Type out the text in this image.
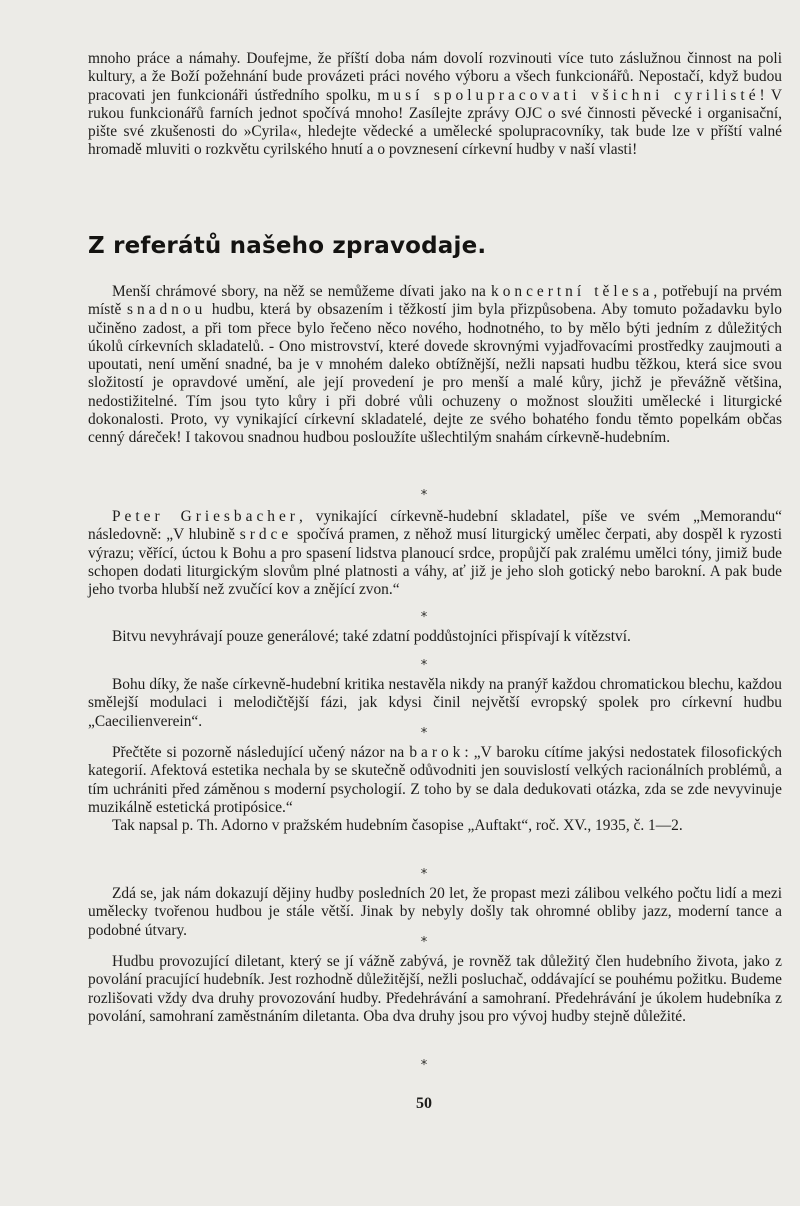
mnoho práce a námahy. Doufejme, že příští doba nám dovolí rozvinouti více tuto záslužnou činnost na poli kultury, a že Boží požehnání bude provázeti práci nového výboru a všech funkcionářů. Nepostačí, když budou pracovati jen funkcionáři ústředního spolku, musí spolupracovati všichni cyrilisté! V rukou funkcionářů farních jednot spočívá mnoho! Zasílejte zprávy OJC o své činnosti pěvecké i organisační, pište své zkušenosti do »Cyrila«, hledejte vědecké a umělecké spolupracovníky, tak bude lze v příští valné hromadě mluviti o rozkvětu cyrilského hnutí a o povznesení církevní hudby v naší vlasti!

Z referátů našeho zpravodaje.

Menší chrámové sbory, na něž se nemůžeme dívati jako na koncertní tělesa, potřebují na prvém místě snadnou hudbu, která by obsazením i těžkostí jim byla přizpůsobena. Aby tomuto požadavku bylo učiněno zadost, a při tom přece bylo řečeno něco nového, hodnotného, to by mělo býti jedním z důležitých úkolů církevních skladatelů. - Ono mistrovství, které dovede skrovnými vyjadřovacími prostředky zaujmouti a upoutati, není umění snadné, ba je v mnohém daleko obtížnější, nežli napsati hudbu těžkou, která sice svou složitostí je opravdové umění, ale její provedení je pro menší a malé kůry, jichž je převážně většina, nedostižitelné. Tím jsou tyto kůry i při dobré vůli ochuzeny o možnost sloužiti umělecké i liturgické dokonalosti. Proto, vy vynikající církevní skladatelé, dejte ze svého bohatého fondu těmto popelkám občas cenný dáreček! I takovou snadnou hudbou posloužíte ušlechtilým snahám církevně-hudebním.

*

Peter Griesbacher, vynikající církevně-hudební skladatel, píše ve svém „Memorandu“ následovně: „V hlubině srdce spočívá pramen, z něhož musí liturgický umělec čerpati, aby dospěl k ryzosti výrazu; věřící, úctou k Bohu a pro spasení lidstva planoucí srdce, propůjčí pak zralému umělci tóny, jimiž bude schopen dodati liturgickým slovům plné platnosti a váhy, ať již je jeho sloh gotický nebo barokní. A pak bude jeho tvorba hlubší než zvučící kov a znějící zvon.“

*

Bitvu nevyhrávají pouze generálové; také zdatní poddůstojníci přispívají k vítězství.

*

Bohu díky, že naše církevně-hudební kritika nestavěla nikdy na pranýř každou chromatickou blechu, každou smělejší modulaci i melodičtější fázi, jak kdysi činil největší evropský spolek pro církevní hudbu „Caecilienverein“.

*

Přečtěte si pozorně následující učený názor na barok: „V baroku cítíme jakýsi nedostatek filosofických kategorií. Afektová estetika nechala by se skutečně odůvodniti jen souvislostí velkých racionálních problémů, a tím uchrániti před záměnou s moderní psychologií. Z toho by se dala dedukovati otázka, zda se zde nevyvinuje muzikálně estetická protipósice.“

Tak napsal p. Th. Adorno v pražském hudebním časopise „Auftakt“, roč. XV., 1935, č. 1—2.

*

Zdá se, jak nám dokazují dějiny hudby posledních 20 let, že propast mezi zálibou velkého počtu lidí a mezi umělecky tvořenou hudbou je stále větší. Jinak by nebyly došly tak ohromné obliby jazz, moderní tance a podobné útvary.

*

Hudbu provozující diletant, který se jí vážně zabývá, je rovněž tak důležitý člen hudebního života, jako z povolání pracující hudebník. Jest rozhodně důležitější, nežli posluchač, oddávající se pouhému požitku. Budeme rozlišovati vždy dva druhy provozování hudby. Předehrávání a samohraní. Předehrávání je úkolem hudebníka z povolání, samohraní zaměstnáním diletanta. Oba dva druhy jsou pro vývoj hudby stejně důležité.

*
50
